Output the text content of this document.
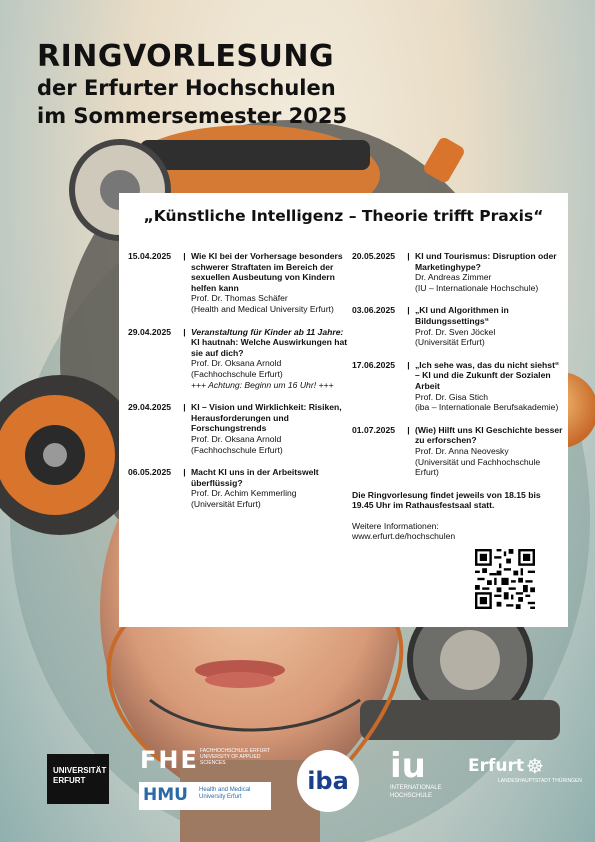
RINGVORLESUNG
der Erfurter Hochschulen
im Sommersemester 2025
„Künstliche Intelligenz – Theorie trifft Praxis“
15.04.2025	| Wie KI bei der Vorhersage besonders schwerer Straftaten im Bereich der sexuellen Ausbeutung von Kindern helfen kann
Prof. Dr. Thomas Schäfer
(Health and Medical University Erfurt)
29.04.2025	| Veranstaltung für Kinder ab 11 Jahre:
KI hautnah: Welche Auswirkungen hat sie auf dich?
Prof. Dr. Oksana Arnold
(Fachhochschule Erfurt)
+++ Achtung: Beginn um 16 Uhr! +++
29.04.2025	| KI – Vision und Wirklichkeit: Risiken, Herausforderungen und Forschungstrends
Prof. Dr. Oksana Arnold
(Fachhochschule Erfurt)
06.05.2025	| Macht KI uns in der Arbeitswelt überflüssig?
Prof. Dr. Achim Kemmerling
(Universität Erfurt)
20.05.2025	| KI und Tourismus: Disruption oder Marketinghype?
Dr. Andreas Zimmer
(IU – Internationale Hochschule)
03.06.2025	| „KI und Algorithmen in Bildungssettings“
Prof. Dr. Sven Jöckel
(Universität Erfurt)
17.06.2025	| „Ich sehe was, das du nicht siehst“ – KI und die Zukunft der Sozialen Arbeit
Prof. Dr. Gisa Stich
(iba – Internationale Berufsakademie)
01.07.2025	| (Wie) Hilft uns KI Geschichte besser zu erforschen?
Prof. Dr. Anna Neovesky
(Universität und Fachhochschule Erfurt)
Die Ringvorlesung findet jeweils von 18.15 bis 19.45 Uhr im Rathausfestsaal statt.
Weitere Informationen:
www.erfurt.de/hochschulen
UNIVERSITÄT ERFURT
FHE FACHHOCHSCHULE ERFURT UNIVERSITY OF APPLIED SCIENCES
HMU Health and Medical University Erfurt
iba iu
INTERNATIONALE HOCHSCHULE
Erfurt ☸
LANDESHAUPTSTADT THÜRINGEN
